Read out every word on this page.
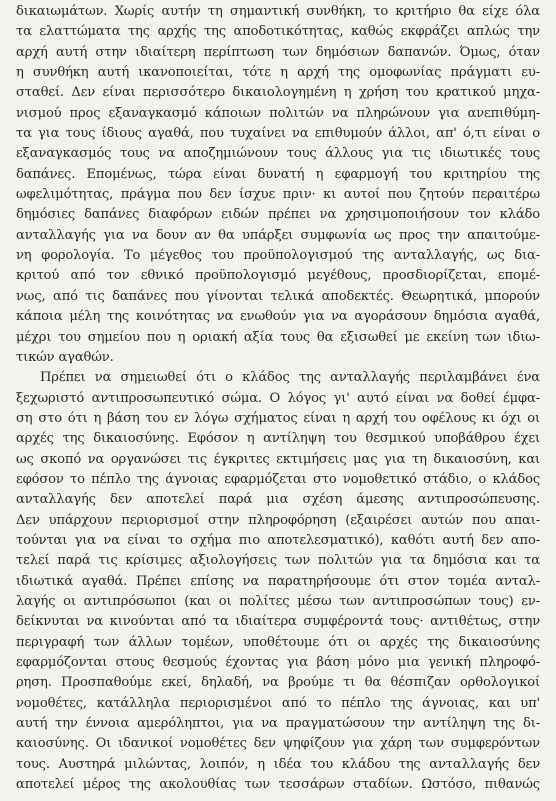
δικαιωμάτων. Χωρίς αυτήν τη σημαντική συνθήκη, το κριτήριο θα είχε όλα
τα ελαττώματα της αρχής της αποδοτικότητας, καθώς εκφράζει απλώς την
αρχή αυτή στην ιδιαίτερη περίπτωση των δημόσιων δαπανών. Όμως, όταν
η συνθήκη αυτή ικανοποιείται, τότε η αρχή της ομοφωνίας πράγματι ευ-
σταθεί. Δεν είναι περισσότερο δικαιολογημένη η χρήση του κρατικού μηχα-
νισμού προς εξαναγκασμό κάποιων πολιτών να πληρώνουν για ανεπιθύμη-
τα για τους ίδιους αγαθά, που τυχαίνει να επιθυμούν άλλοι, απ' ό,τι είναι ο
εξαναγκασμός τους να αποζημιώνουν τους άλλους για τις ιδιωτικές τους
δαπάνες. Επομένως, τώρα είναι δυνατή η εφαρμογή του κριτηρίου της
ωφελιμότητας, πράγμα που δεν ίσχυε πριν· κι αυτοί που ζητούν περαιτέρω
δημόσιες δαπάνες διαφόρων ειδών πρέπει να χρησιμοποιήσουν τον κλάδο
ανταλλαγής για να δουν αν θα υπάρξει συμφωνία ως προς την απαιτούμε-
νη φορολογία. Το μέγεθος του προϋπολογισμού της ανταλλαγής, ως δια-
κριτού από τον εθνικό προϋπολογισμό μεγέθους, προσδιορίζεται, επομέ-
νως, από τις δαπάνες που γίνονται τελικά αποδεκτές. Θεωρητικά, μπορούν
κάποια μέλη της κοινότητας να ενωθούν για να αγοράσουν δημόσια αγαθά,
μέχρι του σημείου που η οριακή αξία τους θα εξισωθεί με εκείνη των ιδιω-
τικών αγαθών.
Πρέπει να σημειωθεί ότι ο κλάδος της ανταλλαγής περιλαμβάνει ένα
ξεχωριστό αντιπροσωπευτικό σώμα. Ο λόγος γι' αυτό είναι να δοθεί έμφα-
ση στο ότι η βάση του εν λόγω σχήματος είναι η αρχή του οφέλους κι όχι οι
αρχές της δικαιοσύνης. Εφόσον η αντίληψη του θεσμικού υποβάθρου έχει
ως σκοπό να οργανώσει τις έγκριτες εκτιμήσεις μας για τη δικαιοσύνη, και
εφόσον το πέπλο της άγνοιας εφαρμόζεται στο νομοθετικό στάδιο, ο κλάδος
ανταλλαγής δεν αποτελεί παρά μια σχέση άμεσης αντιπροσώπευσης.
Δεν υπάρχουν περιορισμοί στην πληροφόρηση (εξαιρέσει αυτών που απαι-
τούνται για να είναι το σχήμα πιο αποτελεσματικό), καθότι αυτή δεν απο-
τελεί παρά τις κρίσιμες αξιολογήσεις των πολιτών για τα δημόσια και τα
ιδιωτικά αγαθά. Πρέπει επίσης να παρατηρήσουμε ότι στον τομέα ανταλ-
λαγής οι αντιπρόσωποι (και οι πολίτες μέσω των αντιπροσώπων τους) εν-
δείκνυται να κινούνται από τα ιδιαίτερα συμφέροντά τους· αντιθέτως, στην
περιγραφή των άλλων τομέων, υποθέτουμε ότι οι αρχές της δικαιοσύνης
εφαρμόζονται στους θεσμούς έχοντας για βάση μόνο μια γενική πληροφό-
ρηση. Προσπαθούμε εκεί, δηλαδή, να βρούμε τι θα θέσπιζαν ορθολογικοί
νομοθέτες, κατάλληλα περιορισμένοι από το πέπλο της άγνοιας, και υπ'
αυτή την έννοια αμερόληπτοι, για να πραγματώσουν την αντίληψη της δι-
καιοσύνης. Οι ιδανικοί νομοθέτες δεν ψηφίζουν για χάρη των συμφερόντων
τους. Αυστηρά μιλώντας, λοιπόν, η ιδέα του κλάδου της ανταλλαγής δεν
αποτελεί μέρος της ακολουθίας των τεσσάρων σταδίων. Ωστόσο, πιθανώς
